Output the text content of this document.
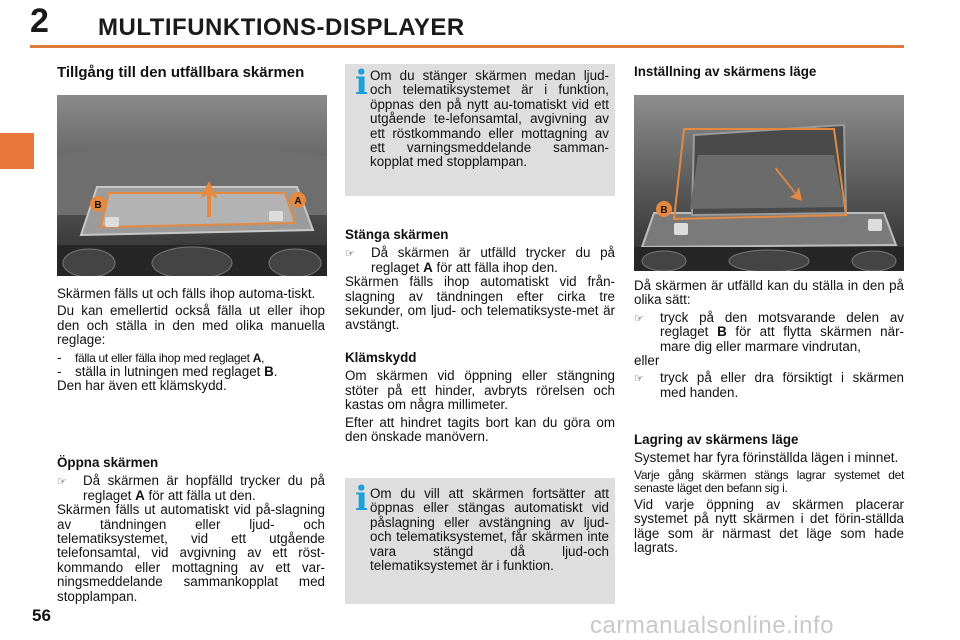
2 MULTIFUNKTIONS-DISPLAYER
Tillgång till den utfällbara skärmen
B	A

Skärmen fälls ut och fälls ihop automa-tiskt.

Du kan emellertid också fälla ut eller ihop den och ställa in den med olika manuella reglage:

-	fälla ut eller fälla ihop med reglaget A,
-	ställa in lutningen med reglaget B.

Den har även ett klämskydd.

Öppna skärmen
☞	Då skärmen är hopfälld trycker du på reglaget A för att fälla ut den.

Skärmen fälls ut automatiskt vid på-slagning av tändningen eller ljud- och telematiksystemet, vid ett utgående telefonsamtal, vid avgivning av ett röst-kommando eller mottagning av ett var-ningsmeddelande sammankopplat med stopplampan.

i Om du stänger skärmen medan ljud- och telematiksystemet är i funktion, öppnas den på nytt au-tomatiskt vid ett utgående te-lefonsamtal, avgivning av ett röstkommando eller mottagning av ett varningsmeddelande samman-kopplat med stopplampan.
Stänga skärmen
☞	Då skärmen är utfälld trycker du på reglaget A för att fälla ihop den.

Skärmen fälls ihop automatiskt vid från-slagning av tändningen efter cirka tre sekunder, om ljud- och telematiksyste-met är avstängt.

Klämskydd

Om skärmen vid öppning eller stängning stöter på ett hinder, avbryts rörelsen och kastas om några millimeter.

Efter att hindret tagits bort kan du göra om den önskade manövern.

i Om du vill att skärmen fortsätter att öppnas eller stängas automatiskt vid påslagning eller avstängning av ljud- och telematiksystemet, får skärmen inte vara stängd då ljud-och telematiksystemet är i funktion.
Inställning av skärmens läge
B

Då skärmen är utfälld kan du ställa in den på olika sätt:

☞	tryck på den motsvarande delen av reglaget B för att flytta skärmen när-mare dig eller marmare vindrutan,

eller

☞	tryck på eller dra försiktigt i skärmen med handen.
Lagring av skärmens läge

Systemet har fyra förinställda lägen i minnet.

Varje gång skärmen stängs lagrar systemet det senaste läget den befann sig i.

Vid varje öppning av skärmen placerar systemet på nytt skärmen i det förin-ställda läge som är närmast det läge som hade lagrats.

56	carmanualsonline.info
